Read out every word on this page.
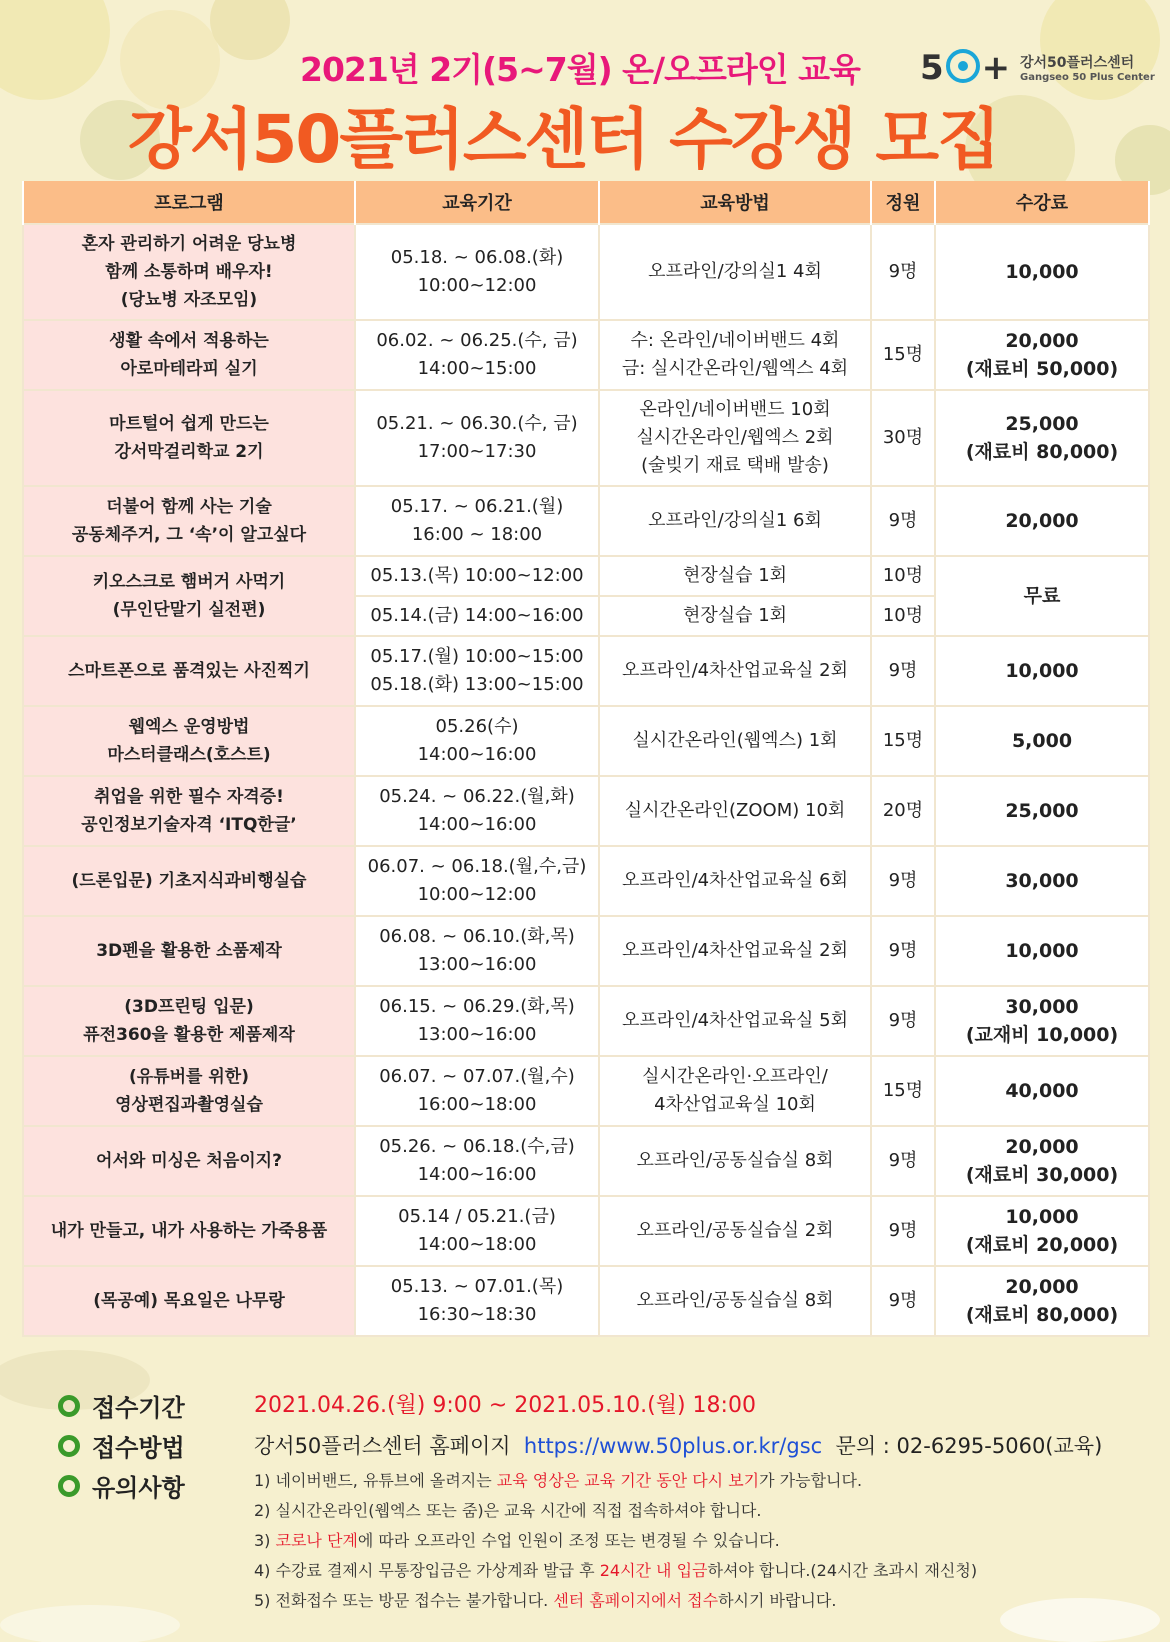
2021년 2기(5~7월) 온/오프라인 교육
강서50플러스센터 수강생 모집
5 + 강서50플러스센터
Gangseo 50 Plus Center
프로그램	교육기간	교육방법	정원	수강료

혼자 관리하기 어려운 당뇨병
함께 소통하며 배우자!
(당뇨병 자조모임)	05.18. ~ 06.08.(화)
10:00~12:00	오프라인/강의실1 4회	9명	10,000

생활 속에서 적용하는
아로마테라피 실기	06.02. ~ 06.25.(수, 금)
14:00~15:00	수: 온라인/네이버밴드 4회
금: 실시간온라인/웹엑스 4회	15명	20,000
(재료비 50,000)

마트털어 쉽게 만드는
강서막걸리학교 2기	05.21. ~ 06.30.(수, 금)
17:00~17:30	온라인/네이버밴드 10회
실시간온라인/웹엑스 2회
(술빚기 재료 택배 발송)	30명	25,000
(재료비 80,000)

더불어 함께 사는 기술
공동체주거, 그 ‘속’이 알고싶다	05.17. ~ 06.21.(월)
16:00 ~ 18:00	오프라인/강의실1 6회	9명	20,000

키오스크로 햄버거 사먹기
(무인단말기 실전편)	05.13.(목) 10:00~12:00	현장실습 1회	10명	무료

	05.14.(금) 14:00~16:00	현장실습 1회	10명	

스마트폰으로 품격있는 사진찍기	05.17.(월) 10:00~15:00
05.18.(화) 13:00~15:00	오프라인/4차산업교육실 2회	9명	10,000

웹엑스 운영방법
마스터클래스(호스트)	05.26(수)
14:00~16:00	실시간온라인(웹엑스) 1회	15명	5,000

취업을 위한 필수 자격증!
공인정보기술자격 ‘ITQ한글’	05.24. ~ 06.22.(월,화)
14:00~16:00	실시간온라인(ZOOM) 10회	20명	25,000

(드론입문) 기초지식과비행실습	06.07. ~ 06.18.(월,수,금)
10:00~12:00	오프라인/4차산업교육실 6회	9명	30,000

3D펜을 활용한 소품제작	06.08. ~ 06.10.(화,목)
13:00~16:00	오프라인/4차산업교육실 2회	9명	10,000

(3D프린팅 입문)
퓨전360을 활용한 제품제작	06.15. ~ 06.29.(화,목)
13:00~16:00	오프라인/4차산업교육실 5회	9명	30,000
(교재비 10,000)

(유튜버를 위한)
영상편집과촬영실습	06.07. ~ 07.07.(월,수)
16:00~18:00	실시간온라인·오프라인/
4차산업교육실 10회	15명	40,000

어서와 미싱은 처음이지?	05.26. ~ 06.18.(수,금)
14:00~16:00	오프라인/공동실습실 8회	9명	20,000
(재료비 30,000)

내가 만들고, 내가 사용하는 가죽용품	05.14 / 05.21.(금)
14:00~18:00	오프라인/공동실습실 2회	9명	10,000
(재료비 20,000)

(목공예) 목요일은 나무랑	05.13. ~ 07.01.(목)
16:30~18:30	오프라인/공동실습실 8회	9명	20,000
(재료비 80,000)
접수기간	2021.04.26.(월) 9:00 ~ 2021.05.10.(월) 18:00
접수방법	강서50플러스센터 홈페이지 https://www.50plus.or.kr/gsc 문의 : 02-6295-5060(교육)
유의사항	1) 네이버밴드, 유튜브에 올려지는 교육 영상은 교육 기간 동안 다시 보기가 가능합니다.
2) 실시간온라인(웹엑스 또는 줌)은 교육 시간에 직접 접속하셔야 합니다.
3) 코로나 단계에 따라 오프라인 수업 인원이 조정 또는 변경될 수 있습니다.
4) 수강료 결제시 무통장입금은 가상계좌 발급 후 24시간 내 입금하셔야 합니다.(24시간 초과시 재신청)
5) 전화접수 또는 방문 접수는 불가합니다. 센터 홈페이지에서 접수하시기 바랍니다.
